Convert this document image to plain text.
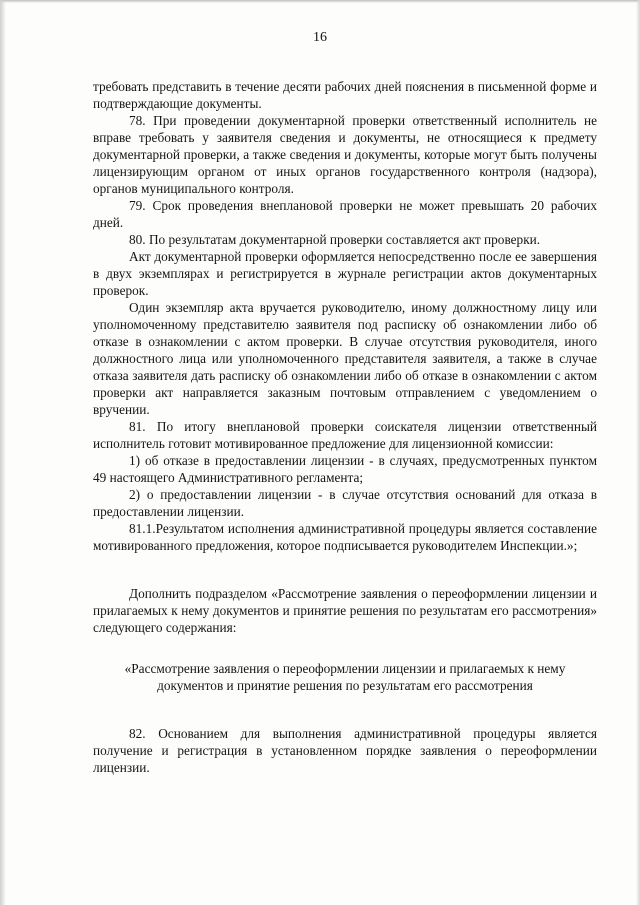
16

требовать представить в течение десяти рабочих дней пояснения в письменной форме и подтверждающие документы.

78. При проведении документарной проверки ответственный исполнитель не вправе требовать у заявителя сведения и документы, не относящиеся к предмету документарной проверки, а также сведения и документы, которые могут быть получены лицензирующим органом от иных органов государственного контроля (надзора), органов муниципального контроля.

79. Срок проведения внеплановой проверки не может превышать 20 рабочих дней.

80. По результатам документарной проверки составляется акт проверки.

Акт документарной проверки оформляется непосредственно после ее завершения в двух экземплярах и регистрируется в журнале регистрации актов документарных проверок.

Один экземпляр акта вручается руководителю, иному должностному лицу или уполномоченному представителю заявителя под расписку об ознакомлении либо об отказе в ознакомлении с актом проверки. В случае отсутствия руководителя, иного должностного лица или уполномоченного представителя заявителя, а также в случае отказа заявителя дать расписку об ознакомлении либо об отказе в ознакомлении с актом проверки акт направляется заказным почтовым отправлением с уведомлением о вручении.

81. По итогу внеплановой проверки соискателя лицензии ответственный исполнитель готовит мотивированное предложение для лицензионной комиссии:

1) об отказе в предоставлении лицензии - в случаях, предусмотренных пунктом 49 настоящего Административного регламента;

2) о предоставлении лицензии - в случае отсутствия оснований для отказа в предоставлении лицензии.

81.1.Результатом исполнения административной процедуры является составление мотивированного предложения, которое подписывается руководителем Инспекции.»;

Дополнить подразделом «Рассмотрение заявления о переоформлении лицензии и прилагаемых к нему документов и принятие решения по результатам его рассмотрения» следующего содержания:

«Рассмотрение заявления о переоформлении лицензии и прилагаемых к нему документов и принятие решения по результатам его рассмотрения

82. Основанием для выполнения административной процедуры является получение и регистрация в установленном порядке заявления о переоформлении лицензии.
